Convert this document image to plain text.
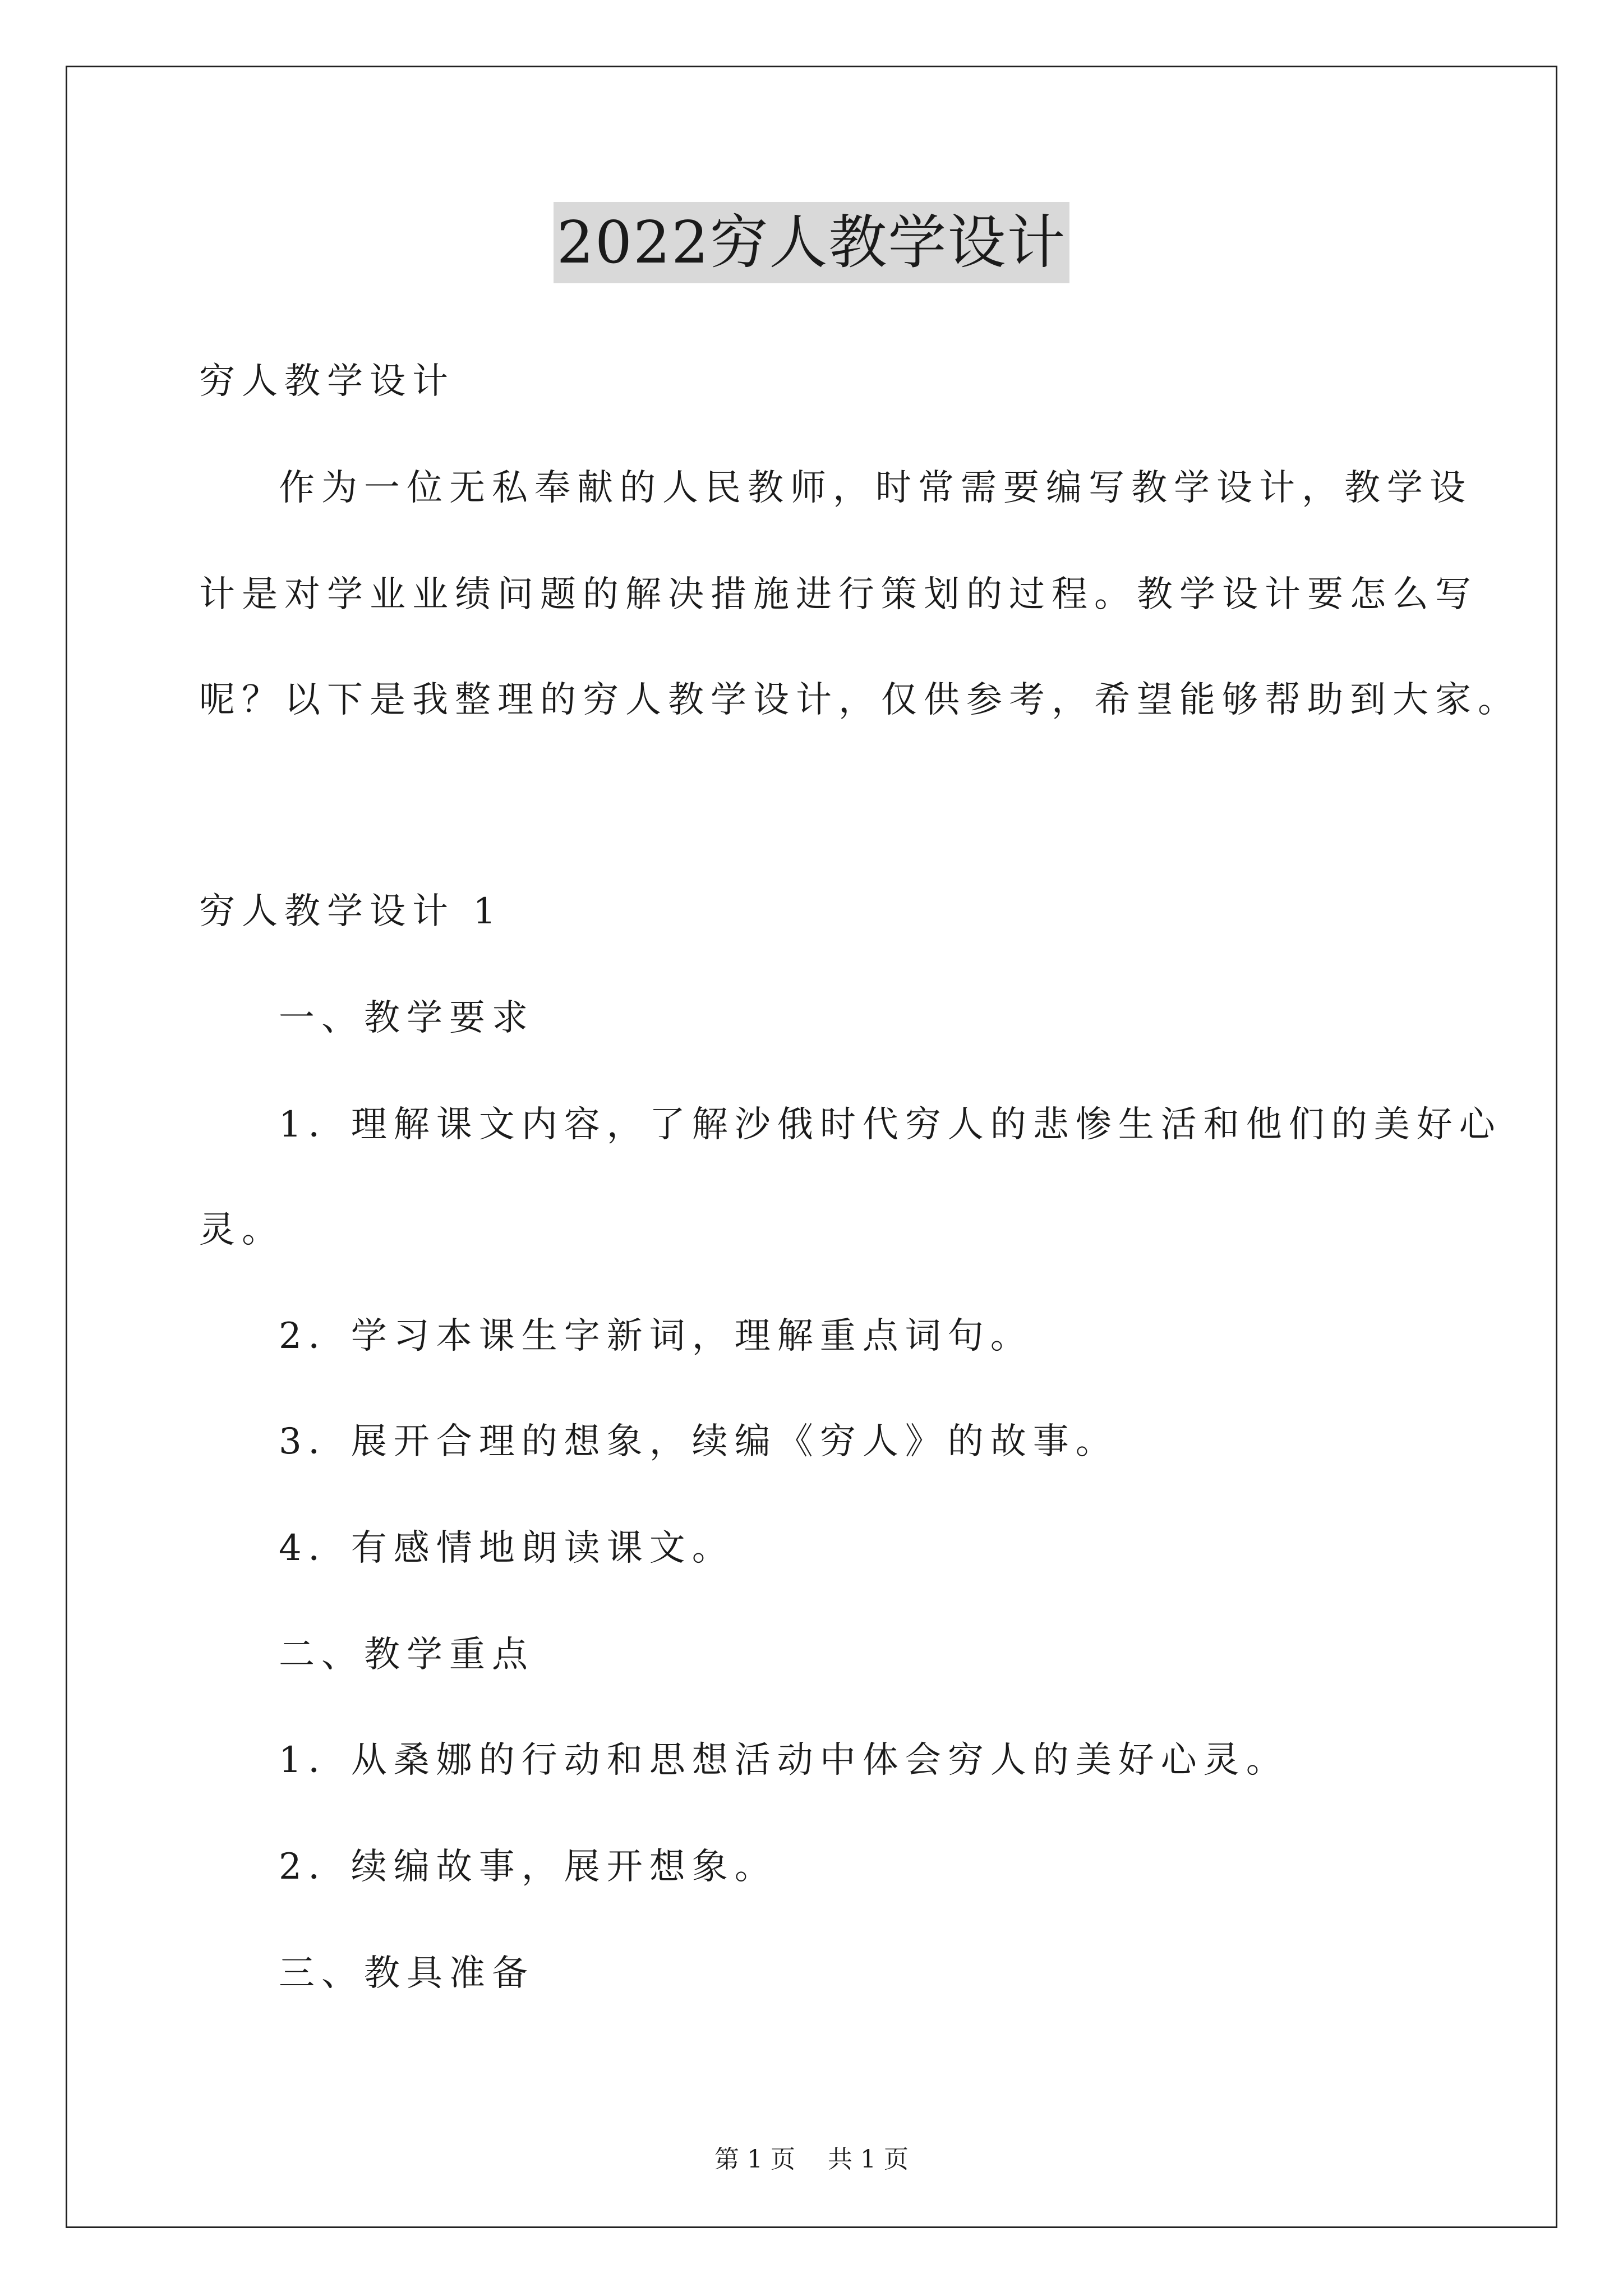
2022穷人教学设计
穷人教学设计
作为一位无私奉献的人民教师，时常需要编写教学设计，教学设
计是对学业业绩问题的解决措施进行策划的过程。教学设计要怎么写
呢？以下是我整理的穷人教学设计，仅供参考，希望能够帮助到大家。
穷人教学设计 1
一、教学要求
1．理解课文内容，了解沙俄时代穷人的悲惨生活和他们的美好心
灵。
2．学习本课生字新词，理解重点词句。
3．展开合理的想象，续编《穷人》的故事。
4．有感情地朗读课文。
二、教学重点
1．从桑娜的行动和思想活动中体会穷人的美好心灵。
2．续编故事，展开想象。
三、教具准备
第 1 页 共 1 页
